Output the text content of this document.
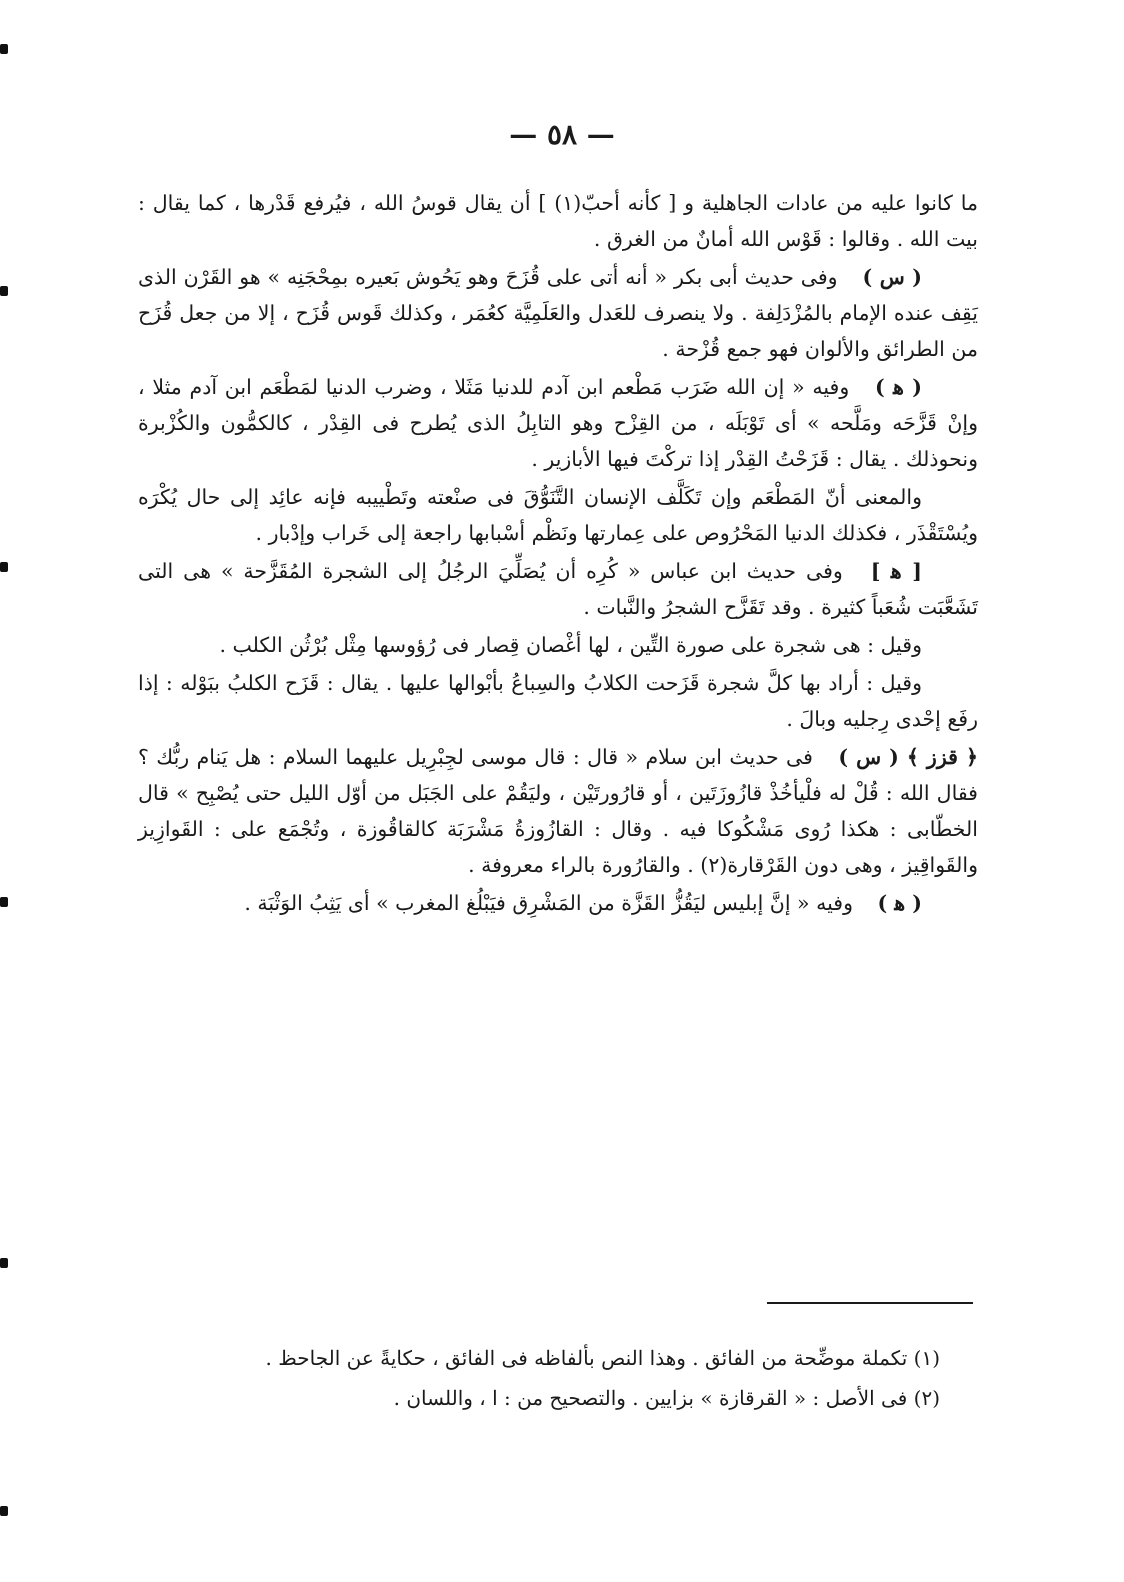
— ٥٨ —

ما كانوا عليه من عادات الجاهلية و [ كأنه أحبّ(١) ] أن يقال قوسُ الله ، فيُرفع قَدْرها ، كما يقال : بيت الله . وقالوا : قَوْس الله أمانٌ من الغرق .

( س ) وفى حديث أبى بكر « أنه أتى على قُزَحَ وهو يَحُوش بَعيره بمِحْجَنِه » هو القَرْن الذى يَقِف عنده الإمام بالمُزْدَلِفة . ولا ينصرف للعَدل والعَلَمِيَّة كعُمَر ، وكذلك قَوس قُزَح ، إلا من جعل قُزَح من الطرائق والألوان فهو جمع قُزْحة .

( ﻫ ) وفيه « إن الله ضَرَب مَطْعم ابن آدم للدنيا مَثَلا ، وضرب الدنيا لمَطْعَم ابن آدم مثلا ، وإنْ قَزَّحَه ومَلَّحه » أى تَوْبَلَه ، من القِزْح وهو التابِلُ الذى يُطرح فى القِدْر ، كالكمُّون والكُزْبرة ونحوذلك . يقال : قَزَحْتُ القِدْر إذا تركْتَ فيها الأبازير .

والمعنى أنّ المَطْعَم وإن تَكَلَّف الإنسان التَّنَوُّقَ فى صنْعته وتَطْييبه فإنه عائِد إلى حال يُكْرَه ويُسْتَقْذَر ، فكذلك الدنيا المَحْرُوص على عِمارتها ونَظْم أسْبابها راجعة إلى خَراب وإدْبار .

[ ﻫ ] وفى حديث ابن عباس « كُرِه أن يُصَلِّيَ الرجُلُ إلى الشجرة المُقَزَّحة » هى التى تَشَعَّبَت شُعَباً كثيرة . وقد تَقَزَّح الشجرُ والنَّبات .

وقيل : هى شجرة على صورة التِّين ، لها أغْصان قِصار فى رُؤوسها مِثْل بُرْثُن الكلب .

وقيل : أراد بها كلَّ شجرة قَزَحت الكلابُ والسِباعُ بأبْوالها عليها . يقال : قَزَح الكلبُ ببَوْله : إذا رفَع إحْدى رِجليه وبالَ .

﴿ قزز ﴾ ( س ) فى حديث ابن سلام « قال : قال موسى لجِبْرِيل عليهما السلام : هل يَنام ربُّك ؟ فقال الله : قُلْ له فلْيأخُذْ قازُوزَتَين ، أو قارُورتَيْن ، وليَقُمْ على الجَبَل من أوّل الليل حتى يُصْبِح » قال الخطّابى : هكذا رُوى مَشْكُوكا فيه . وقال : القازُوزةُ مَشْرَبَة كالقاقُوزة ، وتُجْمَع على : القَوازِيز والقَواقِيز ، وهى دون القَرْقارة(٢) . والقارُورة بالراء معروفة .

( ﻫ ) وفيه « إنَّ إبليس ليَقُزُّ القَزَّة من المَشْرِق فيَبْلُغ المغرب » أى يَثِبُ الوَثْبَة .

(١) تكملة موضِّحة من الفائق . وهذا النص بألفاظه فى الفائق ، حكايةً عن الجاحظ .

(٢) فى الأصل : « القرقازة » بزايين . والتصحيح من : ا ، واللسان .
